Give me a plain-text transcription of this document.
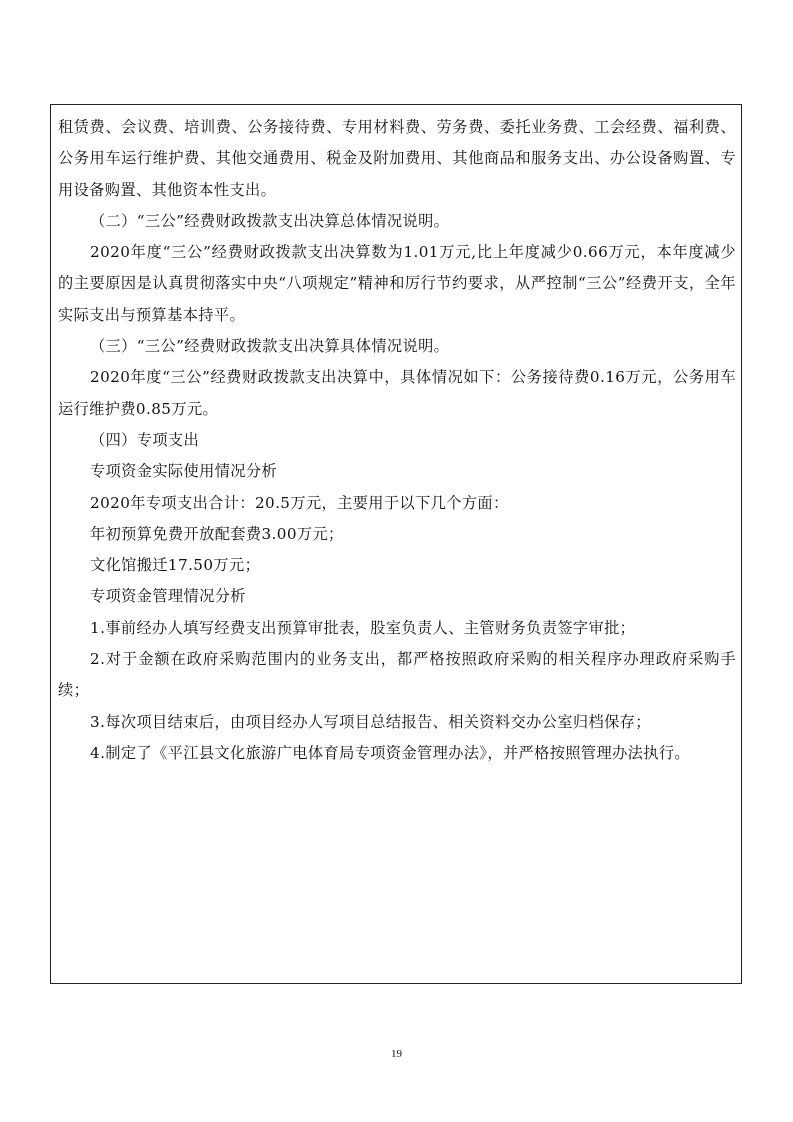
租赁费、会议费、培训费、公务接待费、专用材料费、劳务费、委托业务费、工会经费、福利费、公务用车运行维护费、其他交通费用、税金及附加费用、其他商品和服务支出、办公设备购置、专用设备购置、其他资本性支出。

（二）“三公”经费财政拨款支出决算总体情况说明。

2020年度“三公”经费财政拨款支出决算数为1.01万元,比上年度减少0.66万元，本年度减少的主要原因是认真贯彻落实中央“八项规定”精神和厉行节约要求，从严控制“三公”经费开支，全年实际支出与预算基本持平。

（三）“三公”经费财政拨款支出决算具体情况说明。

2020年度“三公”经费财政拨款支出决算中，具体情况如下：公务接待费0.16万元，公务用车运行维护费0.85万元。

（四）专项支出

专项资金实际使用情况分析

2020年专项支出合计：20.5万元，主要用于以下几个方面：

年初预算免费开放配套费3.00万元；

文化馆搬迁17.50万元；

专项资金管理情况分析

1.事前经办人填写经费支出预算审批表，股室负责人、主管财务负责签字审批；

2.对于金额在政府采购范围内的业务支出，都严格按照政府采购的相关程序办理政府采购手续；

3.每次项目结束后，由项目经办人写项目总结报告、相关资料交办公室归档保存；

4.制定了《平江县文化旅游广电体育局专项资金管理办法》，并严格按照管理办法执行。

19
